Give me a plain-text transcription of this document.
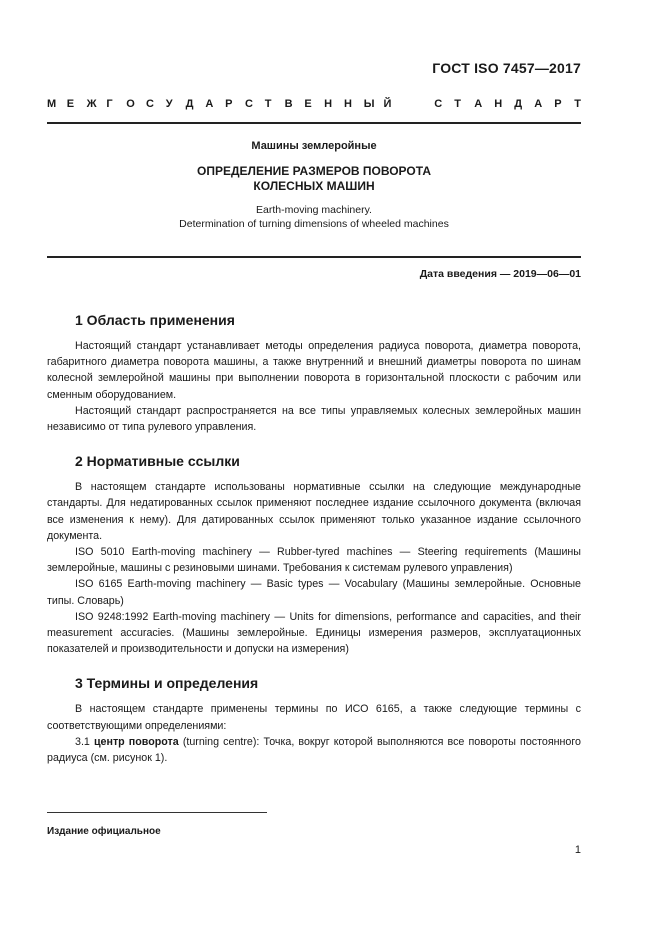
ГОСТ ISO 7457—2017
М Е	Ж Г	О	С	У	Д	А	Р	С	Т	В	Е	Н	Н	Ы Й	С	Т	А	Н	Д	А	Р	Т
Машины землеройные
ОПРЕДЕЛЕНИЕ РАЗМЕРОВ ПОВОРОТА
КОЛЕСНЫХ МАШИН
Earth-moving machinery.
Determination of turning dimensions of wheeled machines
Дата введения — 2019—06—01
1 Область применения

Настоящий стандарт устанавливает методы определения радиуса поворота, диаметра поворота, габаритного диаметра поворота машины, а также внутренний и внешний диаметры поворота по шинам колесной землеройной машины при выполнении поворота в горизонтальной плоскости с рабочим или сменным оборудованием.

Настоящий стандарт распространяется на все типы управляемых колесных землеройных машин независимо от типа рулевого управления.

2 Нормативные ссылки

В настоящем стандарте использованы нормативные ссылки на следующие международные стандарты. Для недатированных ссылок применяют последнее издание ссылочного документа (включая все изменения к нему). Для датированных ссылок применяют только указанное издание ссылочного документа.

ISO 5010 Earth-moving machinery — Rubber-tyred machines — Steering requirements (Машины землеройные, машины с резиновыми шинами. Требования к системам рулевого управления)

ISO 6165 Earth-moving machinery — Basic types — Vocabulary (Машины землеройные. Основные типы. Словарь)

ISO 9248:1992 Earth-moving machinery — Units for dimensions, performance and capacities, and their measurement accuracies. (Машины землеройные. Единицы измерения размеров, эксплуатационных показателей и производительности и допуски на измерения)

3 Термины и определения

В настоящем стандарте применены термины по ИСО 6165, а также следующие термины с соответствующими определениями:

3.1 центр поворота (turning centre): Точка, вокруг которой выполняются все повороты постоянного радиуса (см. рисунок 1).

Издание официальное
1
